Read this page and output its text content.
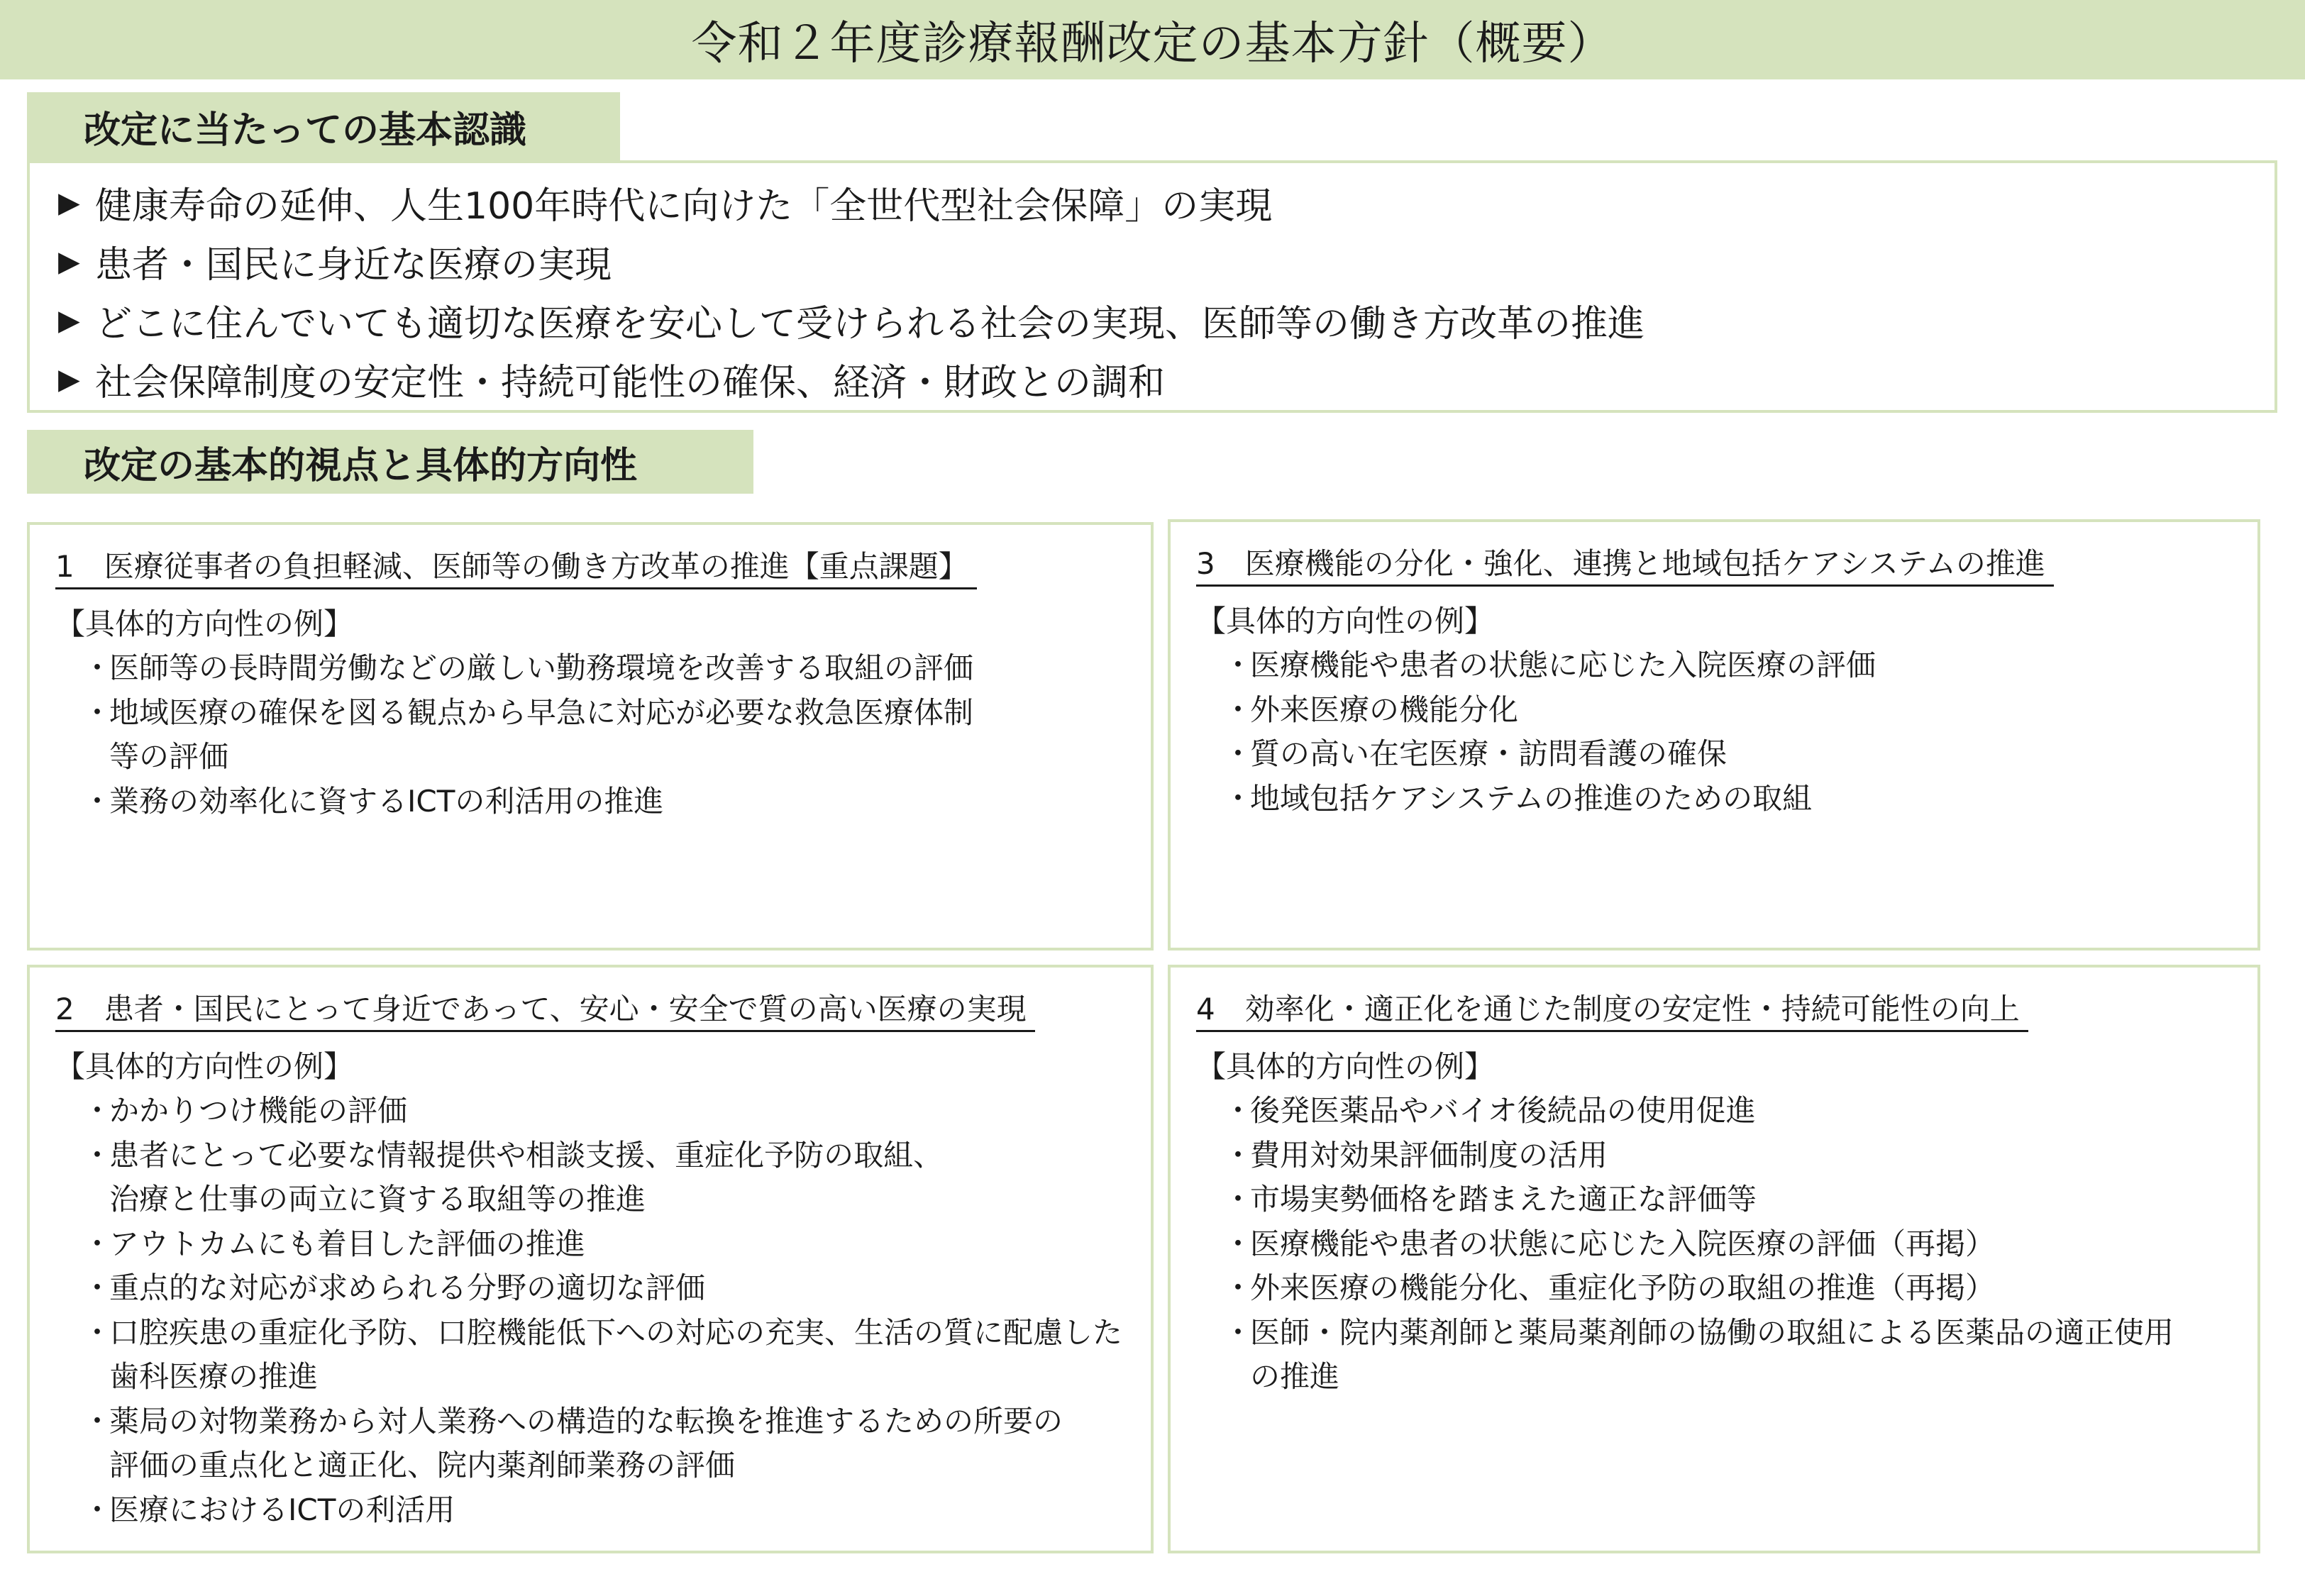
令和２年度診療報酬改定の基本方針（概要）
改定に当たっての基本認識
▶ 健康寿命の延伸、人生100年時代に向けた「全世代型社会保障」の実現
▶ 患者・国民に身近な医療の実現
▶ どこに住んでいても適切な医療を安心して受けられる社会の実現、医師等の働き方改革の推進
▶ 社会保障制度の安定性・持続可能性の確保、経済・財政との調和
改定の基本的視点と具体的方向性
1　医療従事者の負担軽減、医師等の働き方改革の推進【重点課題】
【具体的方向性の例】
・
医師等の長時間労働などの厳しい勤務環境を改善する取組の評価
・
地域医療の確保を図る観点から早急に対応が必要な救急医療体制
等の評価
・
業務の効率化に資するICTの利活用の推進
3　医療機能の分化・強化、連携と地域包括ケアシステムの推進
【具体的方向性の例】
・
医療機能や患者の状態に応じた入院医療の評価
・
外来医療の機能分化
・
質の高い在宅医療・訪問看護の確保
・
地域包括ケアシステムの推進のための取組
2　患者・国民にとって身近であって、安心・安全で質の高い医療の実現
【具体的方向性の例】
・
かかりつけ機能の評価
・
患者にとって必要な情報提供や相談支援、重症化予防の取組、
治療と仕事の両立に資する取組等の推進
・
アウトカムにも着目した評価の推進
・
重点的な対応が求められる分野の適切な評価
・
口腔疾患の重症化予防、口腔機能低下への対応の充実、生活の質に配慮した
歯科医療の推進
・
薬局の対物業務から対人業務への構造的な転換を推進するための所要の
評価の重点化と適正化、院内薬剤師業務の評価
・
医療におけるICTの利活用
4　効率化・適正化を通じた制度の安定性・持続可能性の向上
【具体的方向性の例】
・
後発医薬品やバイオ後続品の使用促進
・
費用対効果評価制度の活用
・
市場実勢価格を踏まえた適正な評価等
・
医療機能や患者の状態に応じた入院医療の評価（再掲）
・
外来医療の機能分化、重症化予防の取組の推進（再掲）
・
医師・院内薬剤師と薬局薬剤師の協働の取組による医薬品の適正使用
の推進
